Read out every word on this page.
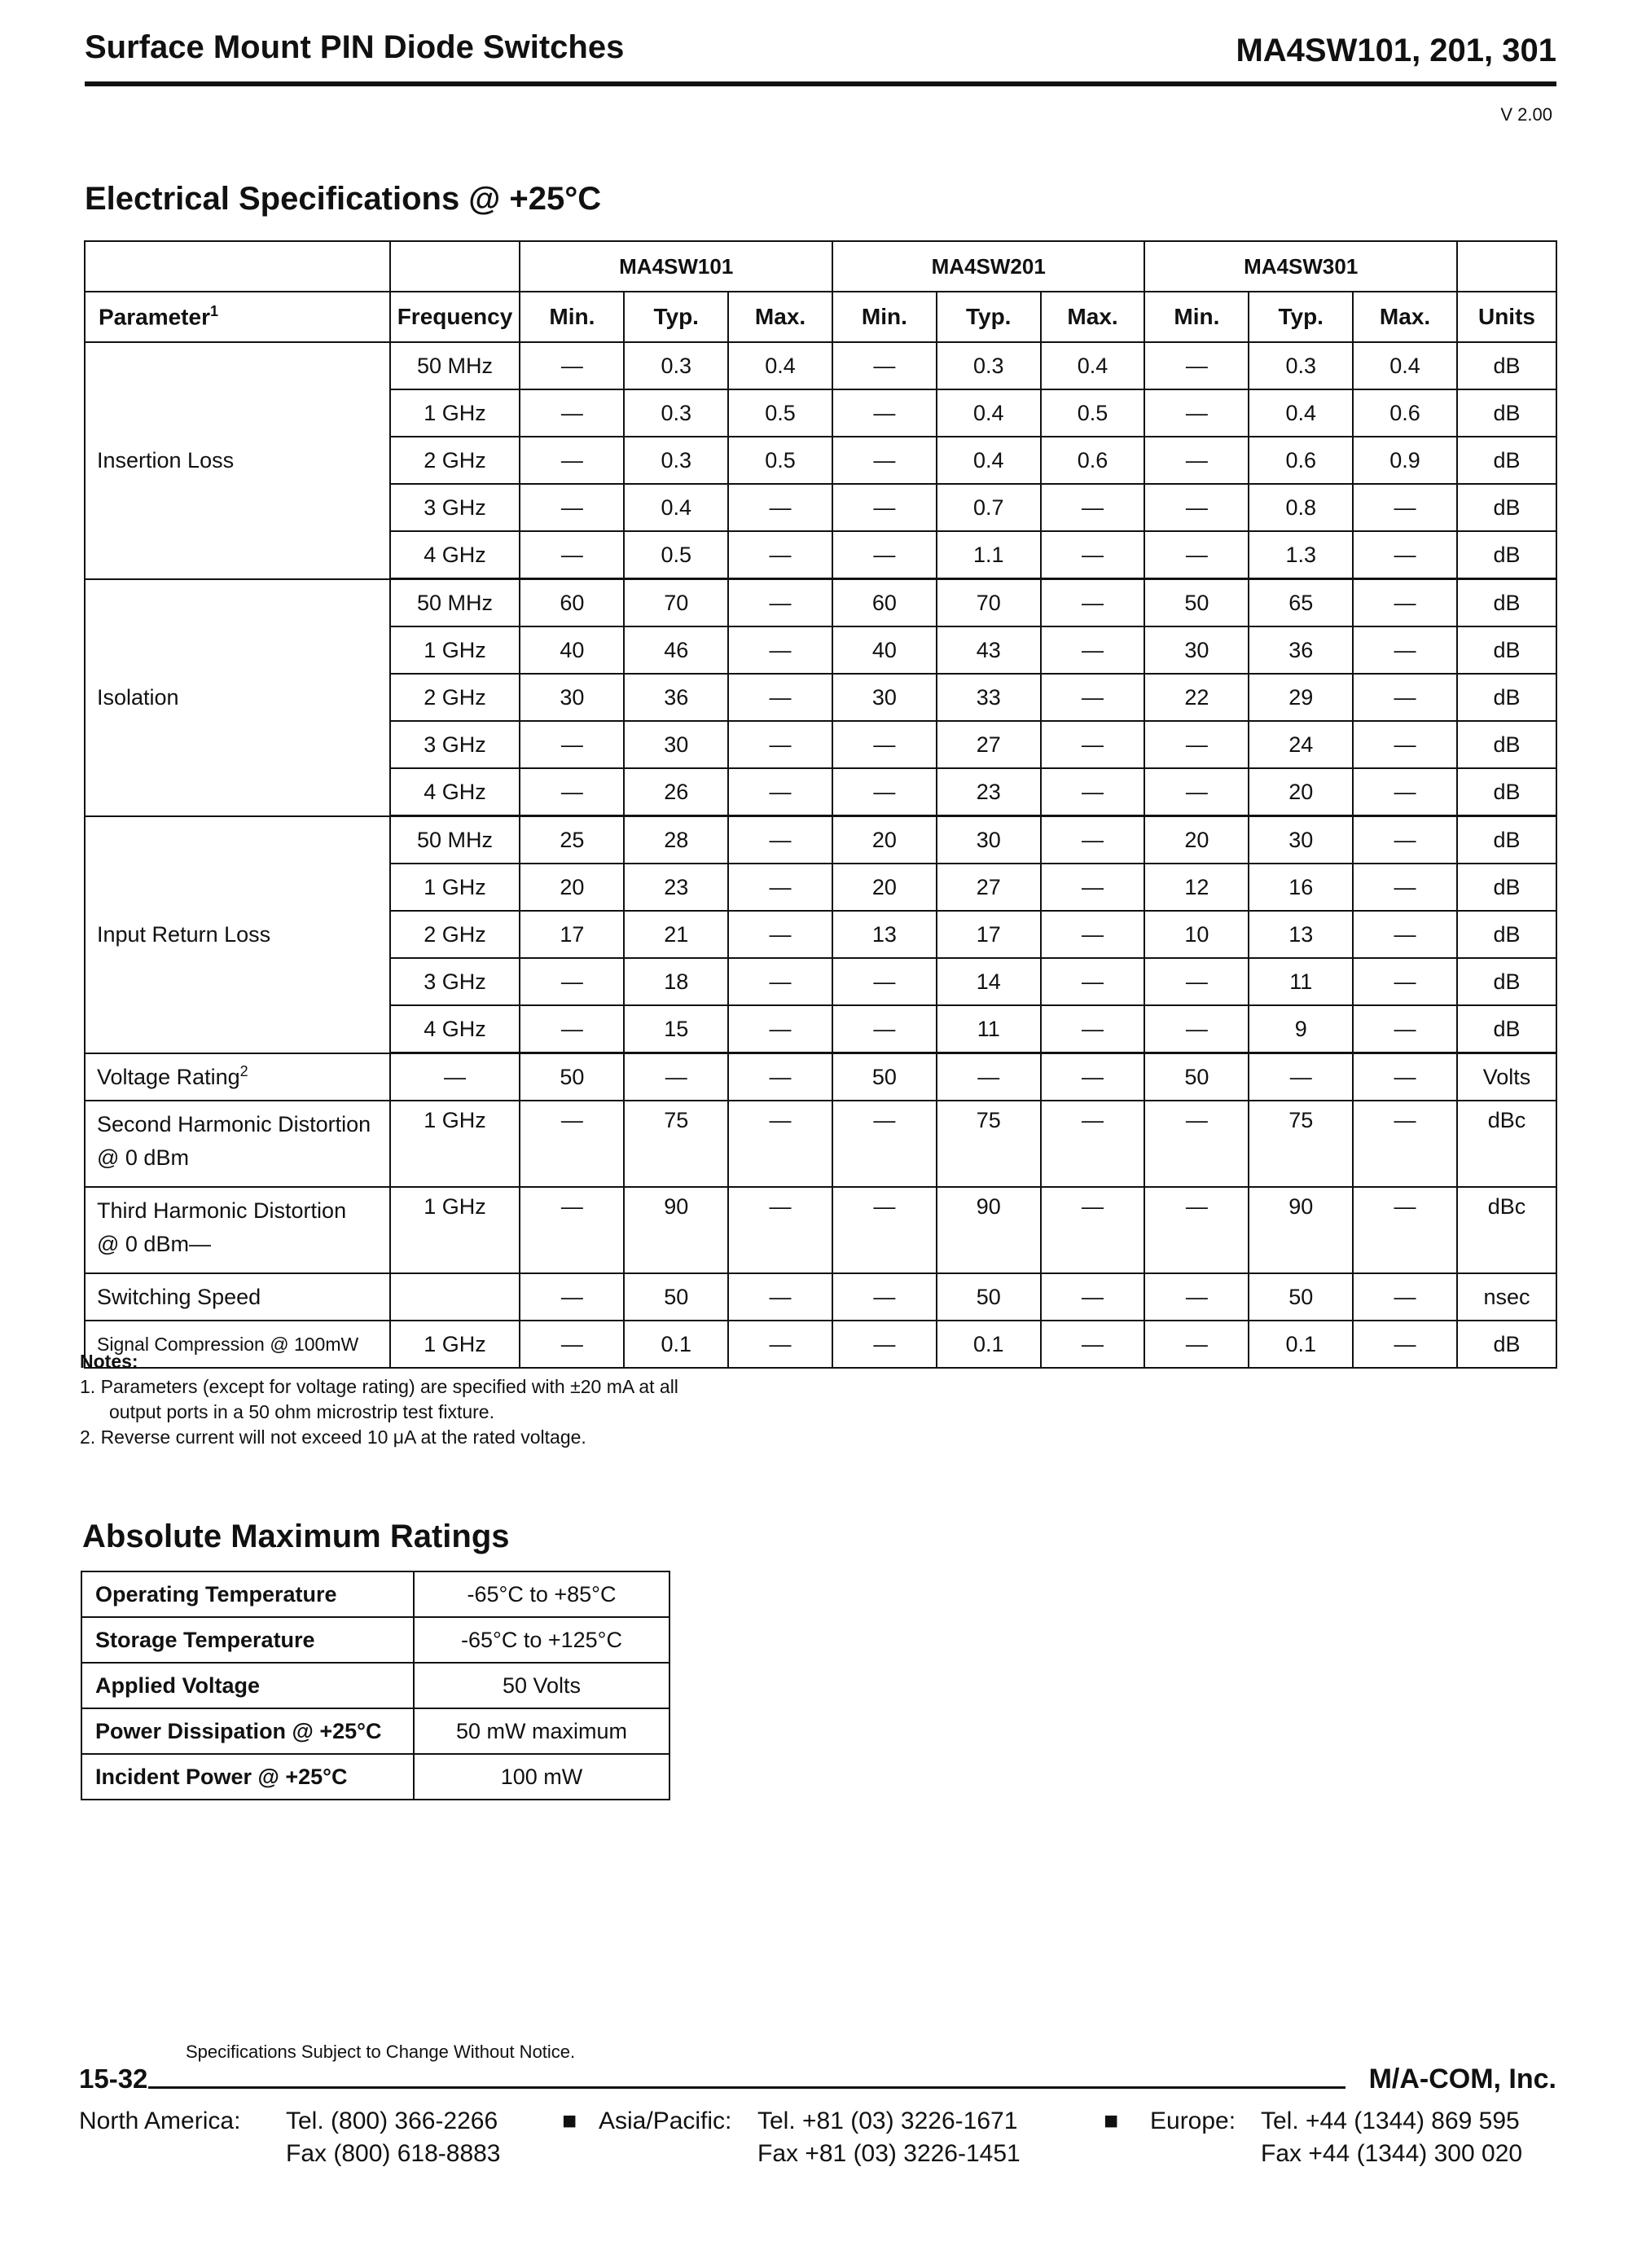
Surface Mount PIN Diode Switches	MA4SW101, 201, 301
V 2.00
Electrical Specifications @ +25°C
		MA4SW101			MA4SW201			MA4SW301			
Parameter$^1$	Frequency	Min.	Typ.	Max.	Min.	Typ.	Max.	Min.	Typ.	Max.	Units
Insertion Loss	50 MHz	—	0.3	0.4	—	0.3	0.4	—	0.3	0.4	dB
	1 GHz	—	0.3	0.5	—	0.4	0.5	—	0.4	0.6	dB
	2 GHz	—	0.3	0.5	—	0.4	0.6	—	0.6	0.9	dB
	3 GHz	—	0.4	—	—	0.7	—	—	0.8	—	dB
	4 GHz	—	0.5	—	—	1.1	—	—	1.3	—	dB
Isolation	50 MHz	60	70	—	60	70	—	50	65	—	dB
	1 GHz	40	46	—	40	43	—	30	36	—	dB
	2 GHz	30	36	—	30	33	—	22	29	—	dB
	3 GHz	—	30	—	—	27	—	—	24	—	dB
	4 GHz	—	26	—	—	23	—	—	20	—	dB
Input Return Loss	50 MHz	25	28	—	20	30	—	20	30	—	dB
	1 GHz	20	23	—	20	27	—	12	16	—	dB
	2 GHz	17	21	—	13	17	—	10	13	—	dB
	3 GHz	—	18	—	—	14	—	—	11	—	dB
	4 GHz	—	15	—	—	11	—	—	9	—	dB
Voltage Rating$^2$	—	50	—	—	50	—	—	50	—	—	Volts

Second Harmonic Distortion
@ 0 dBm	1 GHz	—	75	—	—	75	—	—	75	—	dBc

Third Harmonic Distortion
@ 0 dBm—	1 GHz	—	90	—	—	90	—	—	90	—	dBc
Switching Speed		—	50	—	—	50	—	—	50	—	nsec
Signal Compression @ 100mW	1 GHz	—	0.1	—	—	0.1	—	—	0.1	—	dB
Notes:
1. Parameters (except for voltage rating) are specified with ±20 mA at all
output ports in a 50 ohm microstrip test fixture.
2. Reverse current will not exceed 10 μA at the rated voltage.
Absolute Maximum Ratings
Operating Temperature	-65°C to +85°C
Storage Temperature	-65°C to +125°C
Applied Voltage	50 Volts
Power Dissipation @ +25°C	50 mW maximum
Incident Power @ +25°C	100 mW
Specifications Subject to Change Without Notice.
15-32	M/A-COM, Inc.
North America: Tel. (800) 366-2266
Fax (800) 618-8883
■ Asia/Pacific: Tel. +81 (03) 3226-1671
Fax +81 (03) 3226-1451
■ Europe: Tel. +44 (1344) 869 595
Fax +44 (1344) 300 020
